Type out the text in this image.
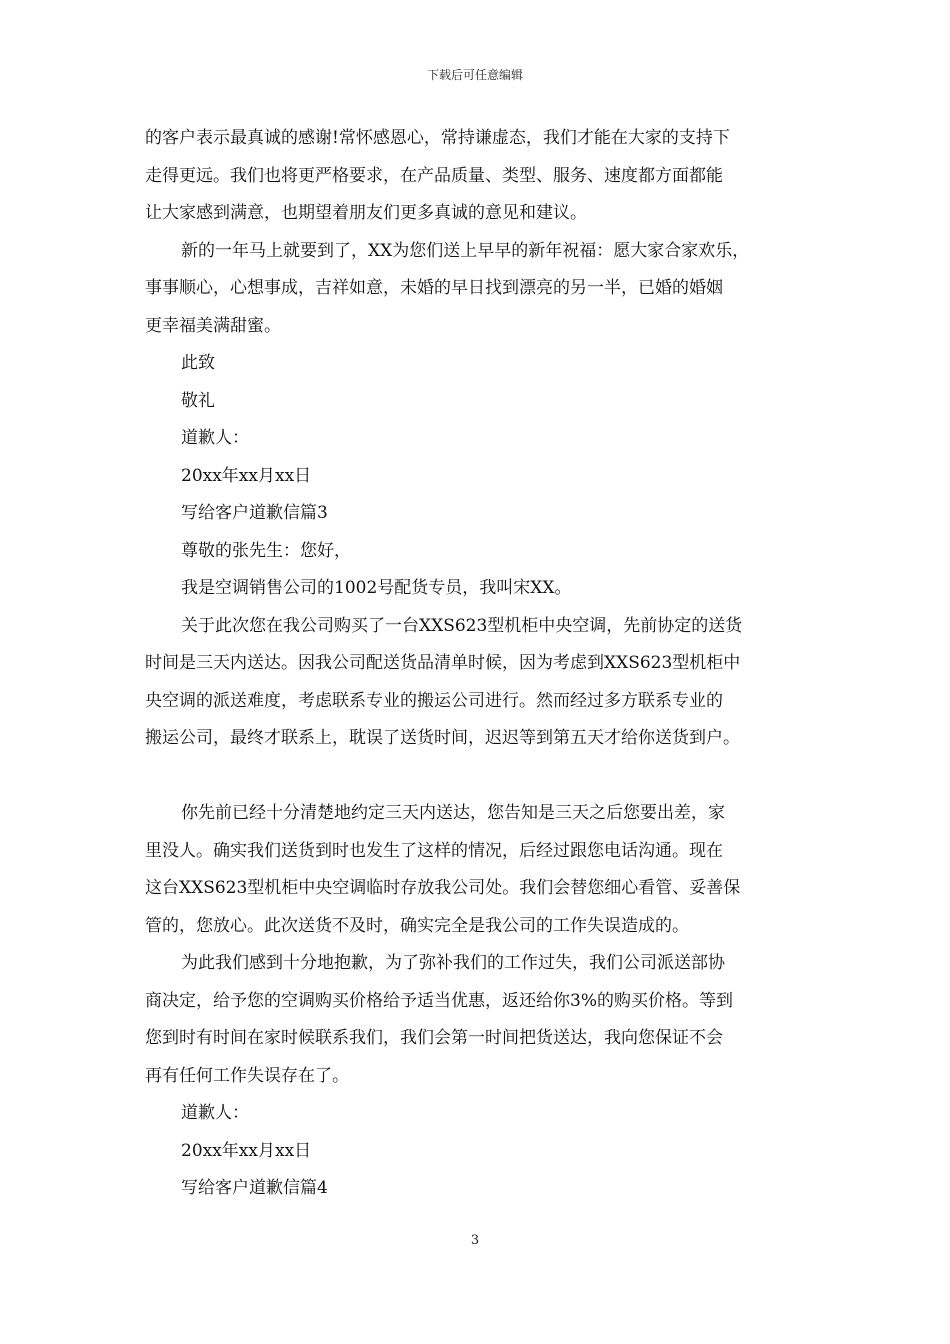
下载后可任意编辑

的客户表示最真诚的感谢!常怀感恩心，常持谦虚态，我们才能在大家的支持下

走得更远。我们也将更严格要求，在产品质量、类型、服务、速度都方面都能

让大家感到满意，也期望着朋友们更多真诚的意见和建议。

新的一年马上就要到了，XX为您们送上早早的新年祝福：愿大家合家欢乐，

事事顺心，心想事成，吉祥如意，未婚的早日找到漂亮的另一半，已婚的婚姻

更幸福美满甜蜜。

此致

敬礼

道歉人：

20xx年xx月xx日

写给客户道歉信篇3

尊敬的张先生：您好，

我是空调销售公司的1002号配货专员，我叫宋XX。

关于此次您在我公司购买了一台XXS623型机柜中央空调，先前协定的送货

时间是三天内送达。因我公司配送货品清单时候，因为考虑到XXS623型机柜中

央空调的派送难度，考虑联系专业的搬运公司进行。然而经过多方联系专业的

搬运公司，最终才联系上，耽误了送货时间，迟迟等到第五天才给你送货到户。

你先前已经十分清楚地约定三天内送达，您告知是三天之后您要出差，家

里没人。确实我们送货到时也发生了这样的情况，后经过跟您电话沟通。现在

这台XXS623型机柜中央空调临时存放我公司处。我们会替您细心看管、妥善保

管的，您放心。此次送货不及时，确实完全是我公司的工作失误造成的。

为此我们感到十分地抱歉，为了弥补我们的工作过失，我们公司派送部协

商决定，给予您的空调购买价格给予适当优惠，返还给你3%的购买价格。等到

您到时有时间在家时候联系我们，我们会第一时间把货送达，我向您保证不会

再有任何工作失误存在了。

道歉人：

20xx年xx月xx日

写给客户道歉信篇4

3
